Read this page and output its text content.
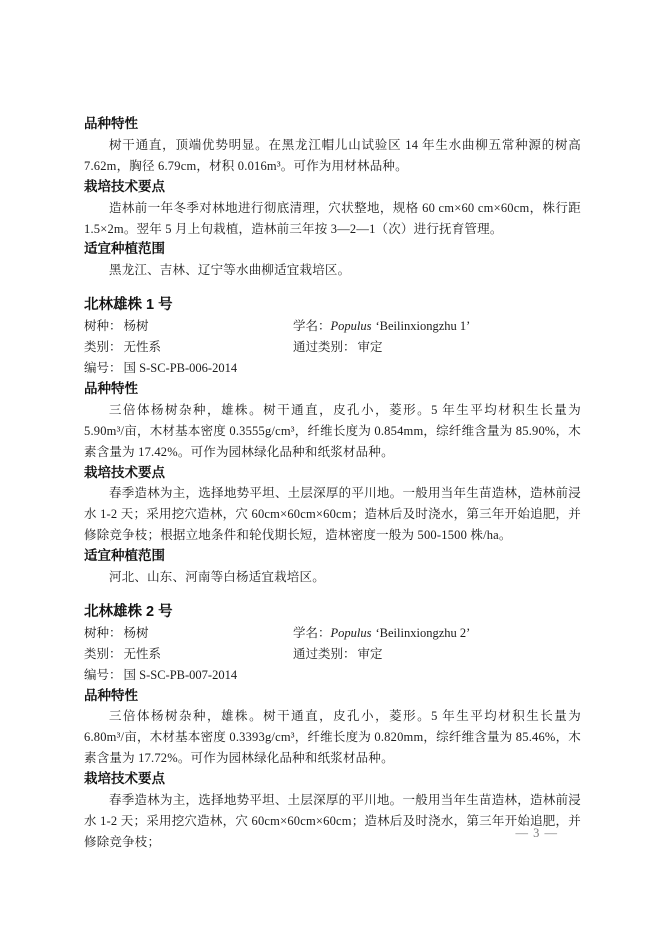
品种特性
树干通直，顶端优势明显。在黑龙江帽儿山试验区 14 年生水曲柳五常种源的树高 7.62m，胸径 6.79cm，材积 0.016m³。可作为用材林品种。
栽培技术要点
造林前一年冬季对林地进行彻底清理，穴状整地，规格 60 cm×60 cm×60cm，株行距 1.5×2m。翌年 5 月上旬栽植，造林前三年按 3—2—1（次）进行抚育管理。
适宜种植范围
黑龙江、吉林、辽宁等水曲柳适宜栽培区。
北林雄株 1 号
树种： 杨树	学名：Populus ‘Beilinxiongzhu 1’
类别： 无性系	通过类别： 审定
编号： 国 S-SC-PB-006-2014
品种特性
三倍体杨树杂种，雄株。树干通直，皮孔小，菱形。5 年生平均材积生长量为 5.90m³/亩，木材基本密度 0.3555g/cm³，纤维长度为 0.854mm，综纤维含量为 85.90%，木素含量为 17.42%。可作为园林绿化品种和纸浆材品种。
栽培技术要点
春季造林为主，选择地势平坦、土层深厚的平川地。一般用当年生苗造林，造林前浸水 1-2 天；采用挖穴造林，穴 60cm×60cm×60cm；造林后及时浇水，第三年开始追肥，并修除竞争枝；根据立地条件和轮伐期长短，造林密度一般为 500-1500 株/ha。
适宜种植范围
河北、山东、河南等白杨适宜栽培区。
北林雄株 2 号
树种： 杨树	学名：Populus ‘Beilinxiongzhu 2’
类别： 无性系	通过类别： 审定
编号： 国 S-SC-PB-007-2014
品种特性
三倍体杨树杂种，雄株。树干通直，皮孔小，菱形。5 年生平均材积生长量为 6.80m³/亩，木材基本密度 0.3393g/cm³，纤维长度为 0.820mm，综纤维含量为 85.46%，木素含量为 17.72%。可作为园林绿化品种和纸浆材品种。
栽培技术要点
春季造林为主，选择地势平坦、土层深厚的平川地。一般用当年生苗造林，造林前浸水 1-2 天；采用挖穴造林，穴 60cm×60cm×60cm；造林后及时浇水，第三年开始追肥，并修除竞争枝；
— 3 —
